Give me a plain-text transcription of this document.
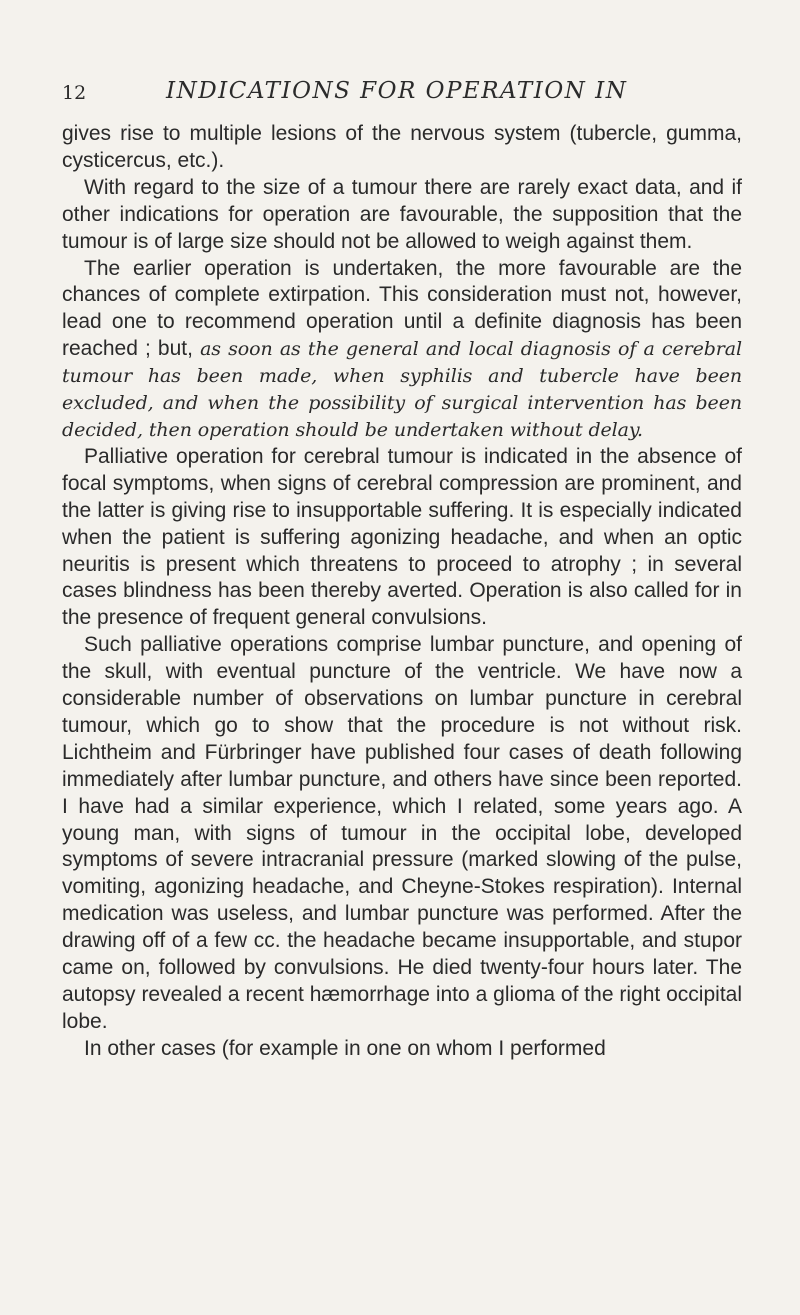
12	INDICATIONS FOR OPERATION IN

gives rise to multiple lesions of the nervous system (tubercle, gumma, cysticercus, etc.).

With regard to the size of a tumour there are rarely exact data, and if other indications for operation are favourable, the supposition that the tumour is of large size should not be allowed to weigh against them.

The earlier operation is undertaken, the more favourable are the chances of complete extirpation. This consideration must not, however, lead one to recommend operation until a definite diagnosis has been reached ; but, as soon as the general and local diagnosis of a cerebral tumour has been made, when syphilis and tubercle have been excluded, and when the possibility of surgical intervention has been decided, then operation should be undertaken without delay.

Palliative operation for cerebral tumour is indicated in the absence of focal symptoms, when signs of cerebral compression are prominent, and the latter is giving rise to insupportable suffering. It is especially indicated when the patient is suffering agonizing headache, and when an optic neuritis is present which threatens to proceed to atrophy ; in several cases blindness has been thereby averted. Operation is also called for in the presence of frequent general convulsions.

Such palliative operations comprise lumbar puncture, and opening of the skull, with eventual puncture of the ventricle. We have now a considerable number of observations on lumbar puncture in cerebral tumour, which go to show that the procedure is not without risk. Lichtheim and Fürbringer have published four cases of death following immediately after lumbar puncture, and others have since been reported. I have had a similar experience, which I related, some years ago. A young man, with signs of tumour in the occipital lobe, developed symptoms of severe intracranial pressure (marked slowing of the pulse, vomiting, agonizing headache, and Cheyne-Stokes respiration). Internal medication was useless, and lumbar puncture was performed. After the drawing off of a few cc. the headache became insupportable, and stupor came on, followed by convulsions. He died twenty-four hours later. The autopsy revealed a recent hæmorrhage into a glioma of the right occipital lobe.

In other cases (for example in one on whom I performed
